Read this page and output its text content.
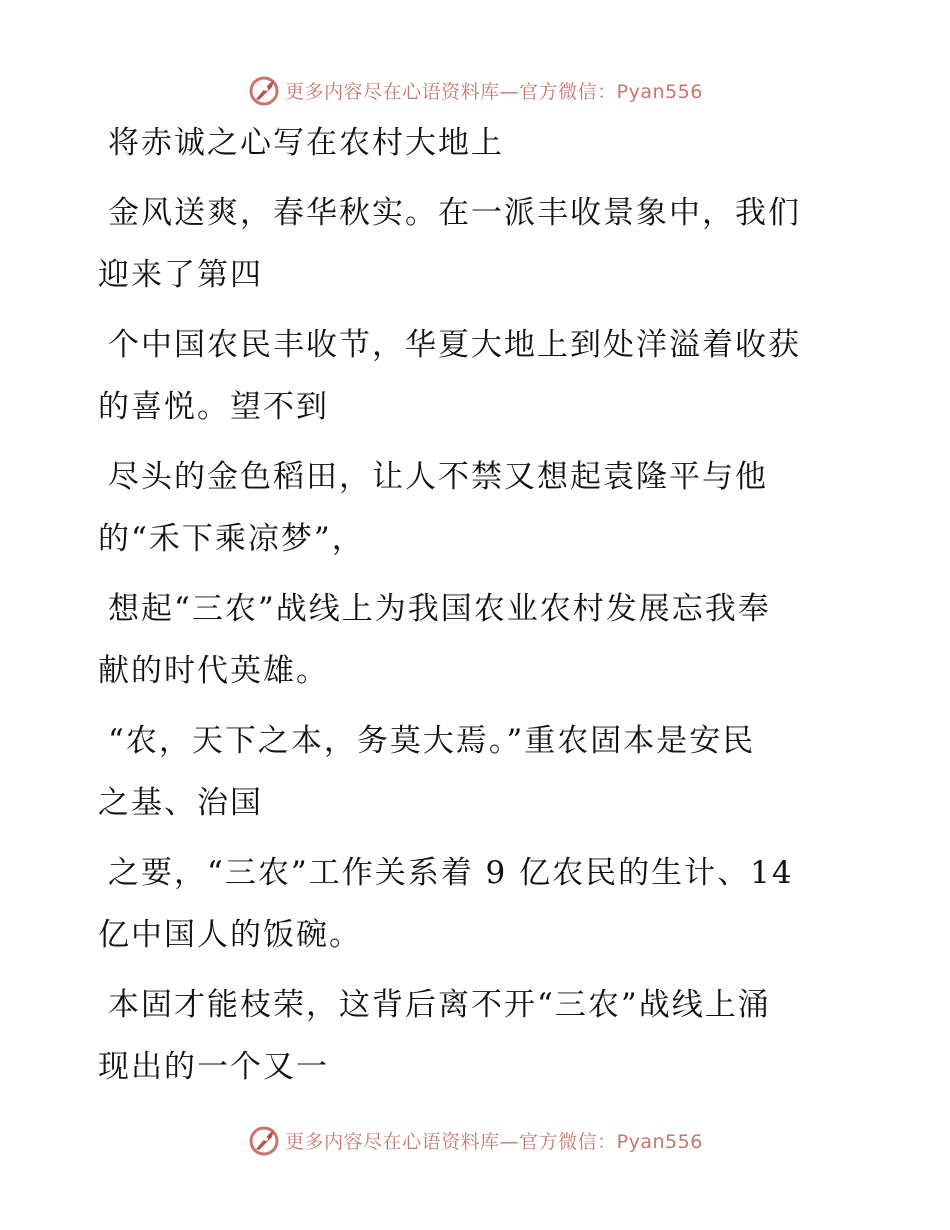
更多内容尽在心语资料库—官方微信：Pyan556
将赤诚之心写在农村大地上
金风送爽，春华秋实。在一派丰收景象中，我们
迎来了第四
个中国农民丰收节，华夏大地上到处洋溢着收获
的喜悦。望不到
尽头的金色稻田，让人不禁又想起袁隆平与他
的“禾下乘凉梦”，
想起“三农”战线上为我国农业农村发展忘我奉
献的时代英雄。
“农，天下之本，务莫大焉。”重农固本是安民
之基、治国
之要，“三农”工作关系着 9 亿农民的生计、14
亿中国人的饭碗。
本固才能枝荣，这背后离不开“三农”战线上涌
现出的一个又一
更多内容尽在心语资料库—官方微信：Pyan556
